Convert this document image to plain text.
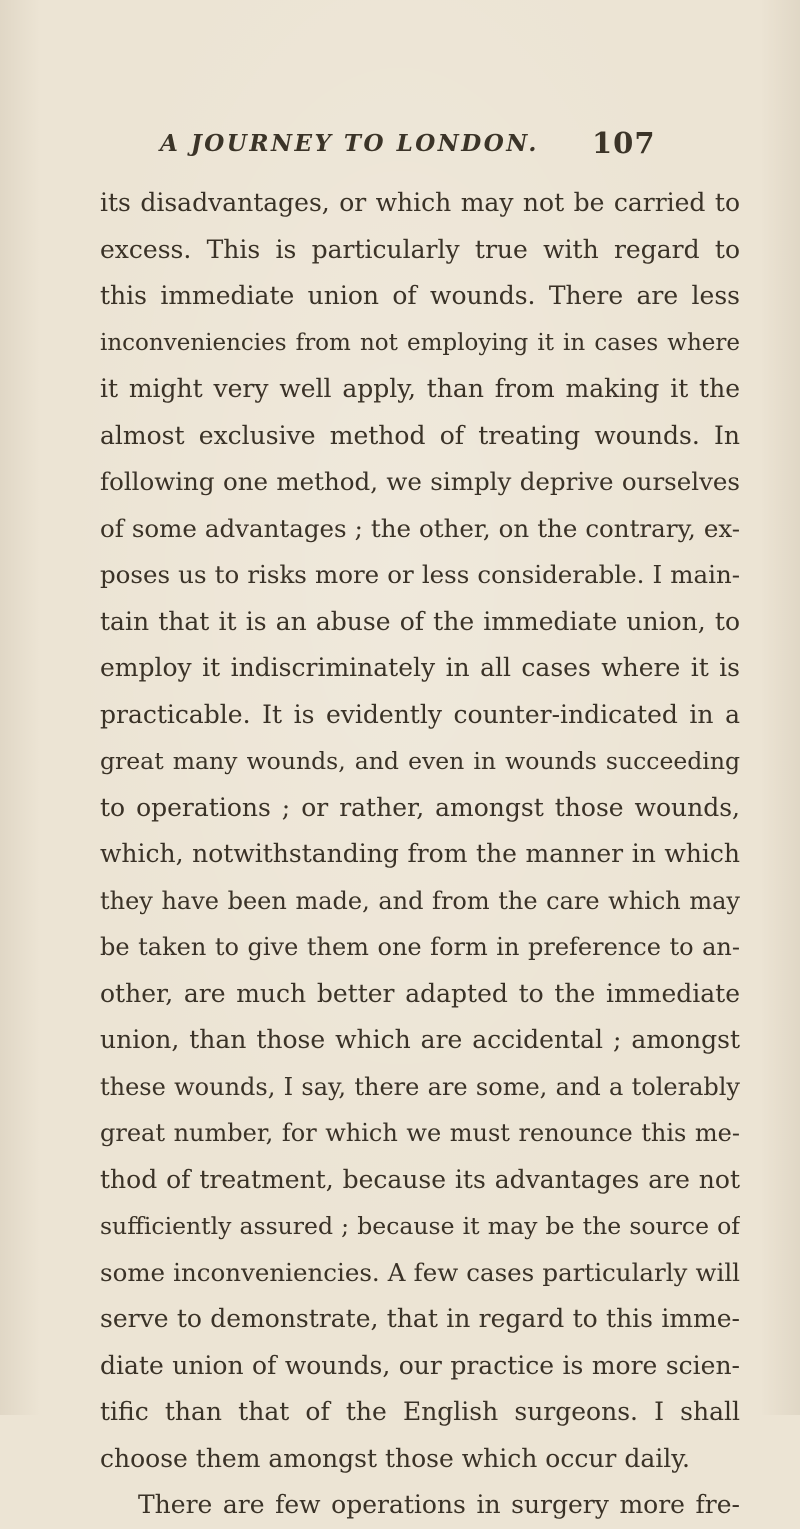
A JOURNEY TO LONDON. 107
its disadvantages, or which may not be carried to
excess. This is particularly true with regard to
this immediate union of wounds. There are less
inconveniencies from not employing it in cases where
it might very well apply, than from making it the
almost exclusive method of treating wounds. In
following one method, we simply deprive ourselves
of some advantages ; the other, on the contrary, ex-
poses us to risks more or less considerable. I main-
tain that it is an abuse of the immediate union, to
employ it indiscriminately in all cases where it is
practicable. It is evidently counter-indicated in a
great many wounds, and even in wounds succeeding
to operations ; or rather, amongst those wounds,
which, notwithstanding from the manner in which
they have been made, and from the care which may
be taken to give them one form in preference to an-
other, are much better adapted to the immediate
union, than those which are accidental ; amongst
these wounds, I say, there are some, and a tolerably
great number, for which we must renounce this me-
thod of treatment, because its advantages are not
sufficiently assured ; because it may be the source of
some inconveniencies. A few cases particularly will
serve to demonstrate, that in regard to this imme-
diate union of wounds, our practice is more scien-
tific than that of the English surgeons. I shall
choose them amongst those which occur daily.
There are few operations in surgery more fre-
